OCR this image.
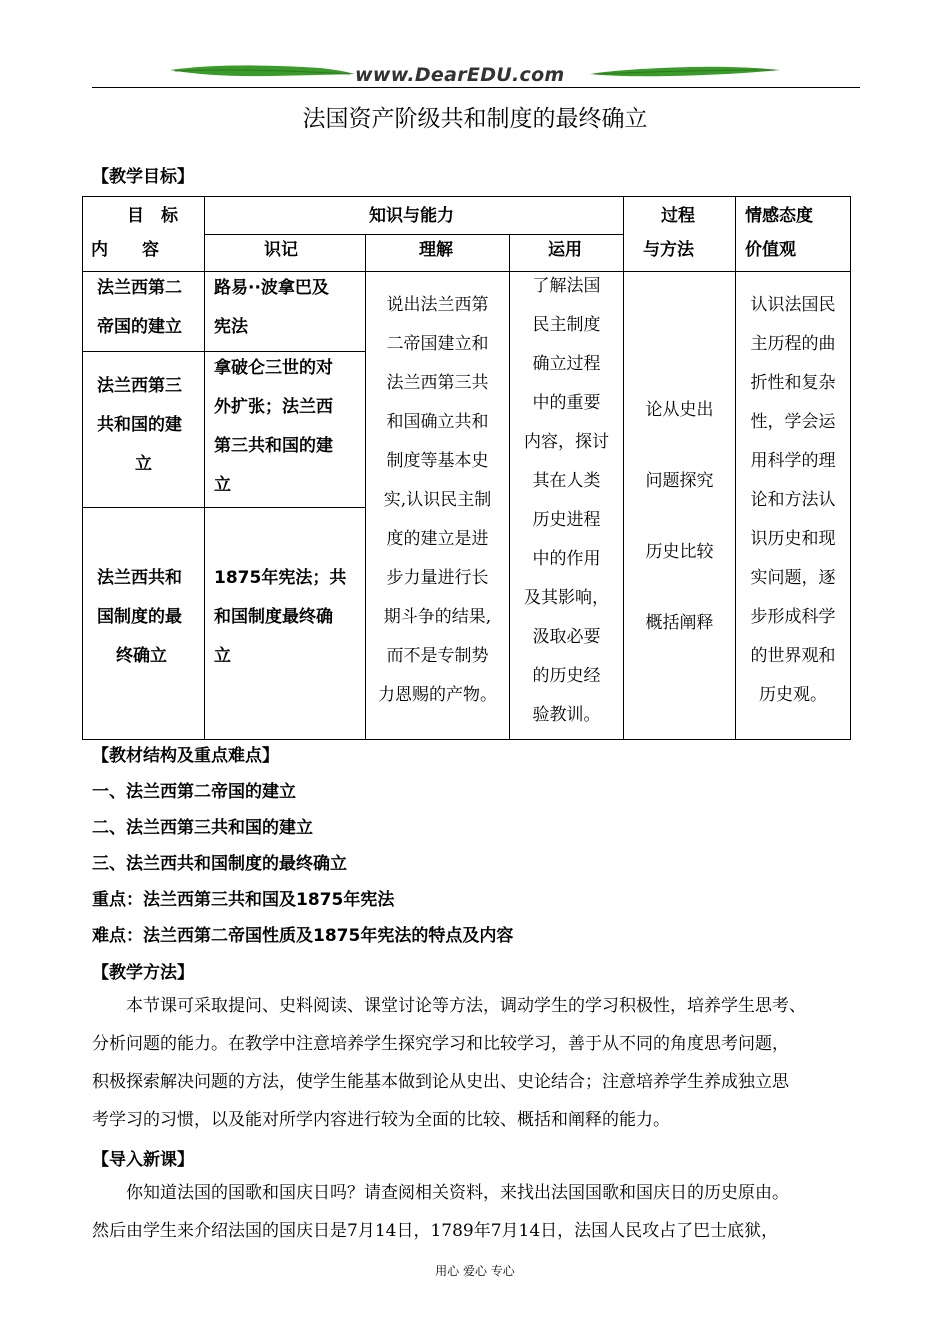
www.DearEDU.com
法国资产阶级共和制度的最终确立
【教学目标】
目　标
内　　容
知识与能力
识记	理解	运用
过程
与方法
情感态度
价值观
法兰西第二
帝国的建立
路易··波拿巴及
宪法
法兰西第三
共和国的建
立
拿破仑三世的对
外扩张；法兰西
第三共和国的建
立
法兰西共和
国制度的最
终确立
1875年宪法；共
和国制度最终确
立
说出法兰西第
二帝国建立和
法兰西第三共
和国确立共和
制度等基本史
实,认识民主制
度的建立是进
步力量进行长
期斗争的结果,
而不是专制势
力恩赐的产物。
了解法国
民主制度
确立过程
中的重要
内容，探讨
其在人类
历史进程
中的作用
及其影响，
汲取必要
的历史经
验教训。
论从史出
问题探究
历史比较
概括阐释
认识法国民
主历程的曲
折性和复杂
性，学会运
用科学的理
论和方法认
识历史和现
实问题，逐
步形成科学
的世界观和
历史观。
【教材结构及重点难点】
一、法兰西第二帝国的建立
二、法兰西第三共和国的建立
三、法兰西共和国制度的最终确立
重点：法兰西第三共和国及1875年宪法
难点：法兰西第二帝国性质及1875年宪法的特点及内容
【教学方法】
　　本节课可采取提问、史料阅读、课堂讨论等方法，调动学生的学习积极性，培养学生思考、
分析问题的能力。在教学中注意培养学生探究学习和比较学习，善于从不同的角度思考问题，
积极探索解决问题的方法，使学生能基本做到论从史出、史论结合；注意培养学生养成独立思
考学习的习惯，以及能对所学内容进行较为全面的比较、概括和阐释的能力。
【导入新课】
　　你知道法国的国歌和国庆日吗？请查阅相关资料，来找出法国国歌和国庆日的历史原由。
然后由学生来介绍法国的国庆日是7月14日，1789年7月14日，法国人民攻占了巴士底狱，
用心 爱心 专心
